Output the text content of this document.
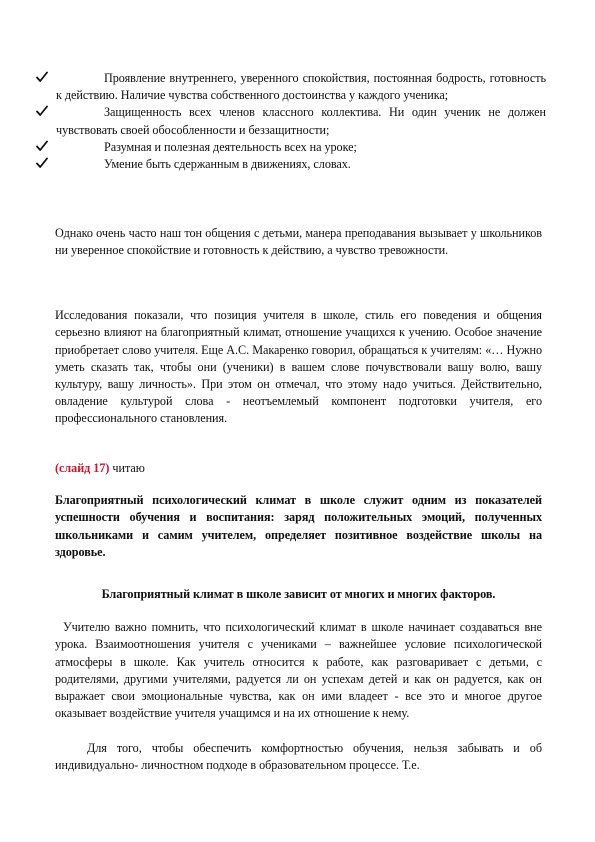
Проявление внутреннего, уверенного спокойствия, постоянная бодрость, готовность к действию. Наличие чувства собственного достоинства у каждого ученика;
Защищенность всех членов классного коллектива. Ни один ученик не должен чувствовать своей обособленности и беззащитности;
Разумная и полезная деятельность всех на уроке;
Умение быть сдержанным в движениях, словах.

Однако очень часто наш тон общения с детьми, манера преподавания вызывает у школьников ни уверенное спокойствие и готовность к действию, а чувство тревожности.

Исследования показали, что позиция учителя в школе, стиль его поведения и общения серьезно влияют на благоприятный климат, отношение учащихся к учению. Особое значение приобретает слово учителя. Еще А.С. Макаренко говорил, обращаться к учителям: «… Нужно уметь сказать так, чтобы они (ученики) в вашем слове почувствовали вашу волю, вашу культуру, вашу личность». При этом он отмечал, что этому надо учиться. Действительно, овладение культурой слова - неотъемлемый компонент подготовки учителя, его профессионального становления.

(слайд 17) читаю

Благоприятный психологический климат в школе служит одним из показателей успешности обучения и воспитания: заряд положительных эмоций, полученных школьниками и самим учителем, определяет позитивное воздействие школы на здоровье.

Благоприятный климат в школе зависит от многих и многих факторов.

Учителю важно помнить, что психологический климат в школе начинает создаваться вне урока. Взаимоотношения учителя с учениками – важнейшее условие психологической атмосферы в школе. Как учитель относится к работе, как разговаривает с детьми, с родителями, другими учителями, радуется ли он успехам детей и как он радуется, как он выражает свои эмоциональные чувства, как он ими владеет - все это и многое другое оказывает воздействие учителя учащимся и на их отношение к нему.

Для того, чтобы обеспечить комфортностью обучения, нельзя забывать и об индивидуально- личностном подходе в образовательном процессе. Т.е.
